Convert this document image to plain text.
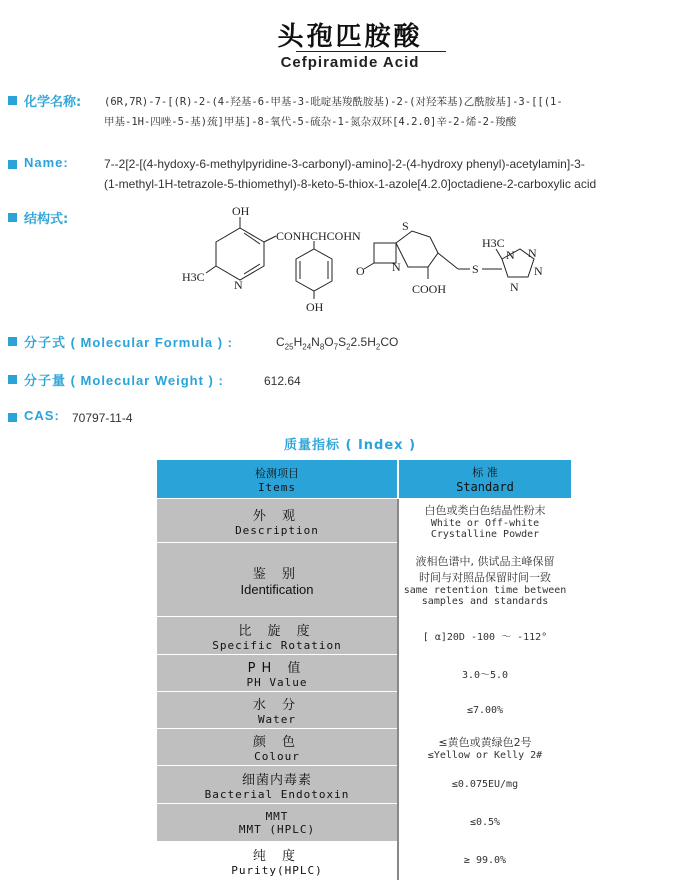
头孢匹胺酸
Cefpiramide Acid
化学名称: (6R,7R)-7-[(R)-2-(4-羟基-6-甲基-3-吡啶基羧酰胺基)-2-(对羟苯基)乙酰胺基]-3-[[(1-
甲基-1H-四唑-5-基)巯]甲基]-8-氧代-5-硫杂-1-氮杂双环[4.2.0]辛-2-烯-2-羧酸
Name:	7--2[2-[(4-hydoxy-6-methylpyridine-3-carbonyl)-amino]-2-(4-hydroxy phenyl)-acetylamin]-3-
(1-methyl-1H-tetrazole-5-thiomethyl)-8-keto-5-thiox-1-azole[4.2.0]octadiene-2-carboxylic acid
结构式:
OH
CONHCHCOHN
S
H3C
N
O N	S
COOH
OH
H3C
N N
N
N
分子式 ( Molecular Formula ) :	$C_{25}H_{24}N_8O_7S_22.5H_2CO$
分子量 ( Molecular Weight ) :	612.64
CAS: 70797-11-4
质量指标 ( Index )
检测项目
Items	标 准
Standard

外 观
Description	白色或类白色结晶性粉末
White or Off-white
Crystalline Powder

鉴 别
Identification	液相色谱中, 供试品主峰保留
时间与对照品保留时间一致
same retention time between
samples and standards

比 旋 度
Specific Rotation	[ α]20D -100 ～ -112°

PH 值
PH Value	3.0～5.0

水 分
Water	≤7.00%

颜 色
Colour	≤黄色或黄绿色2号
≤Yellow or Kelly 2#

细菌内毒素
Bacterial Endotoxin	≤0.075EU/mg

MMT
MMT (HPLC)	≤0.5%

纯 度
Purity(HPLC)	≥ 99.0%
